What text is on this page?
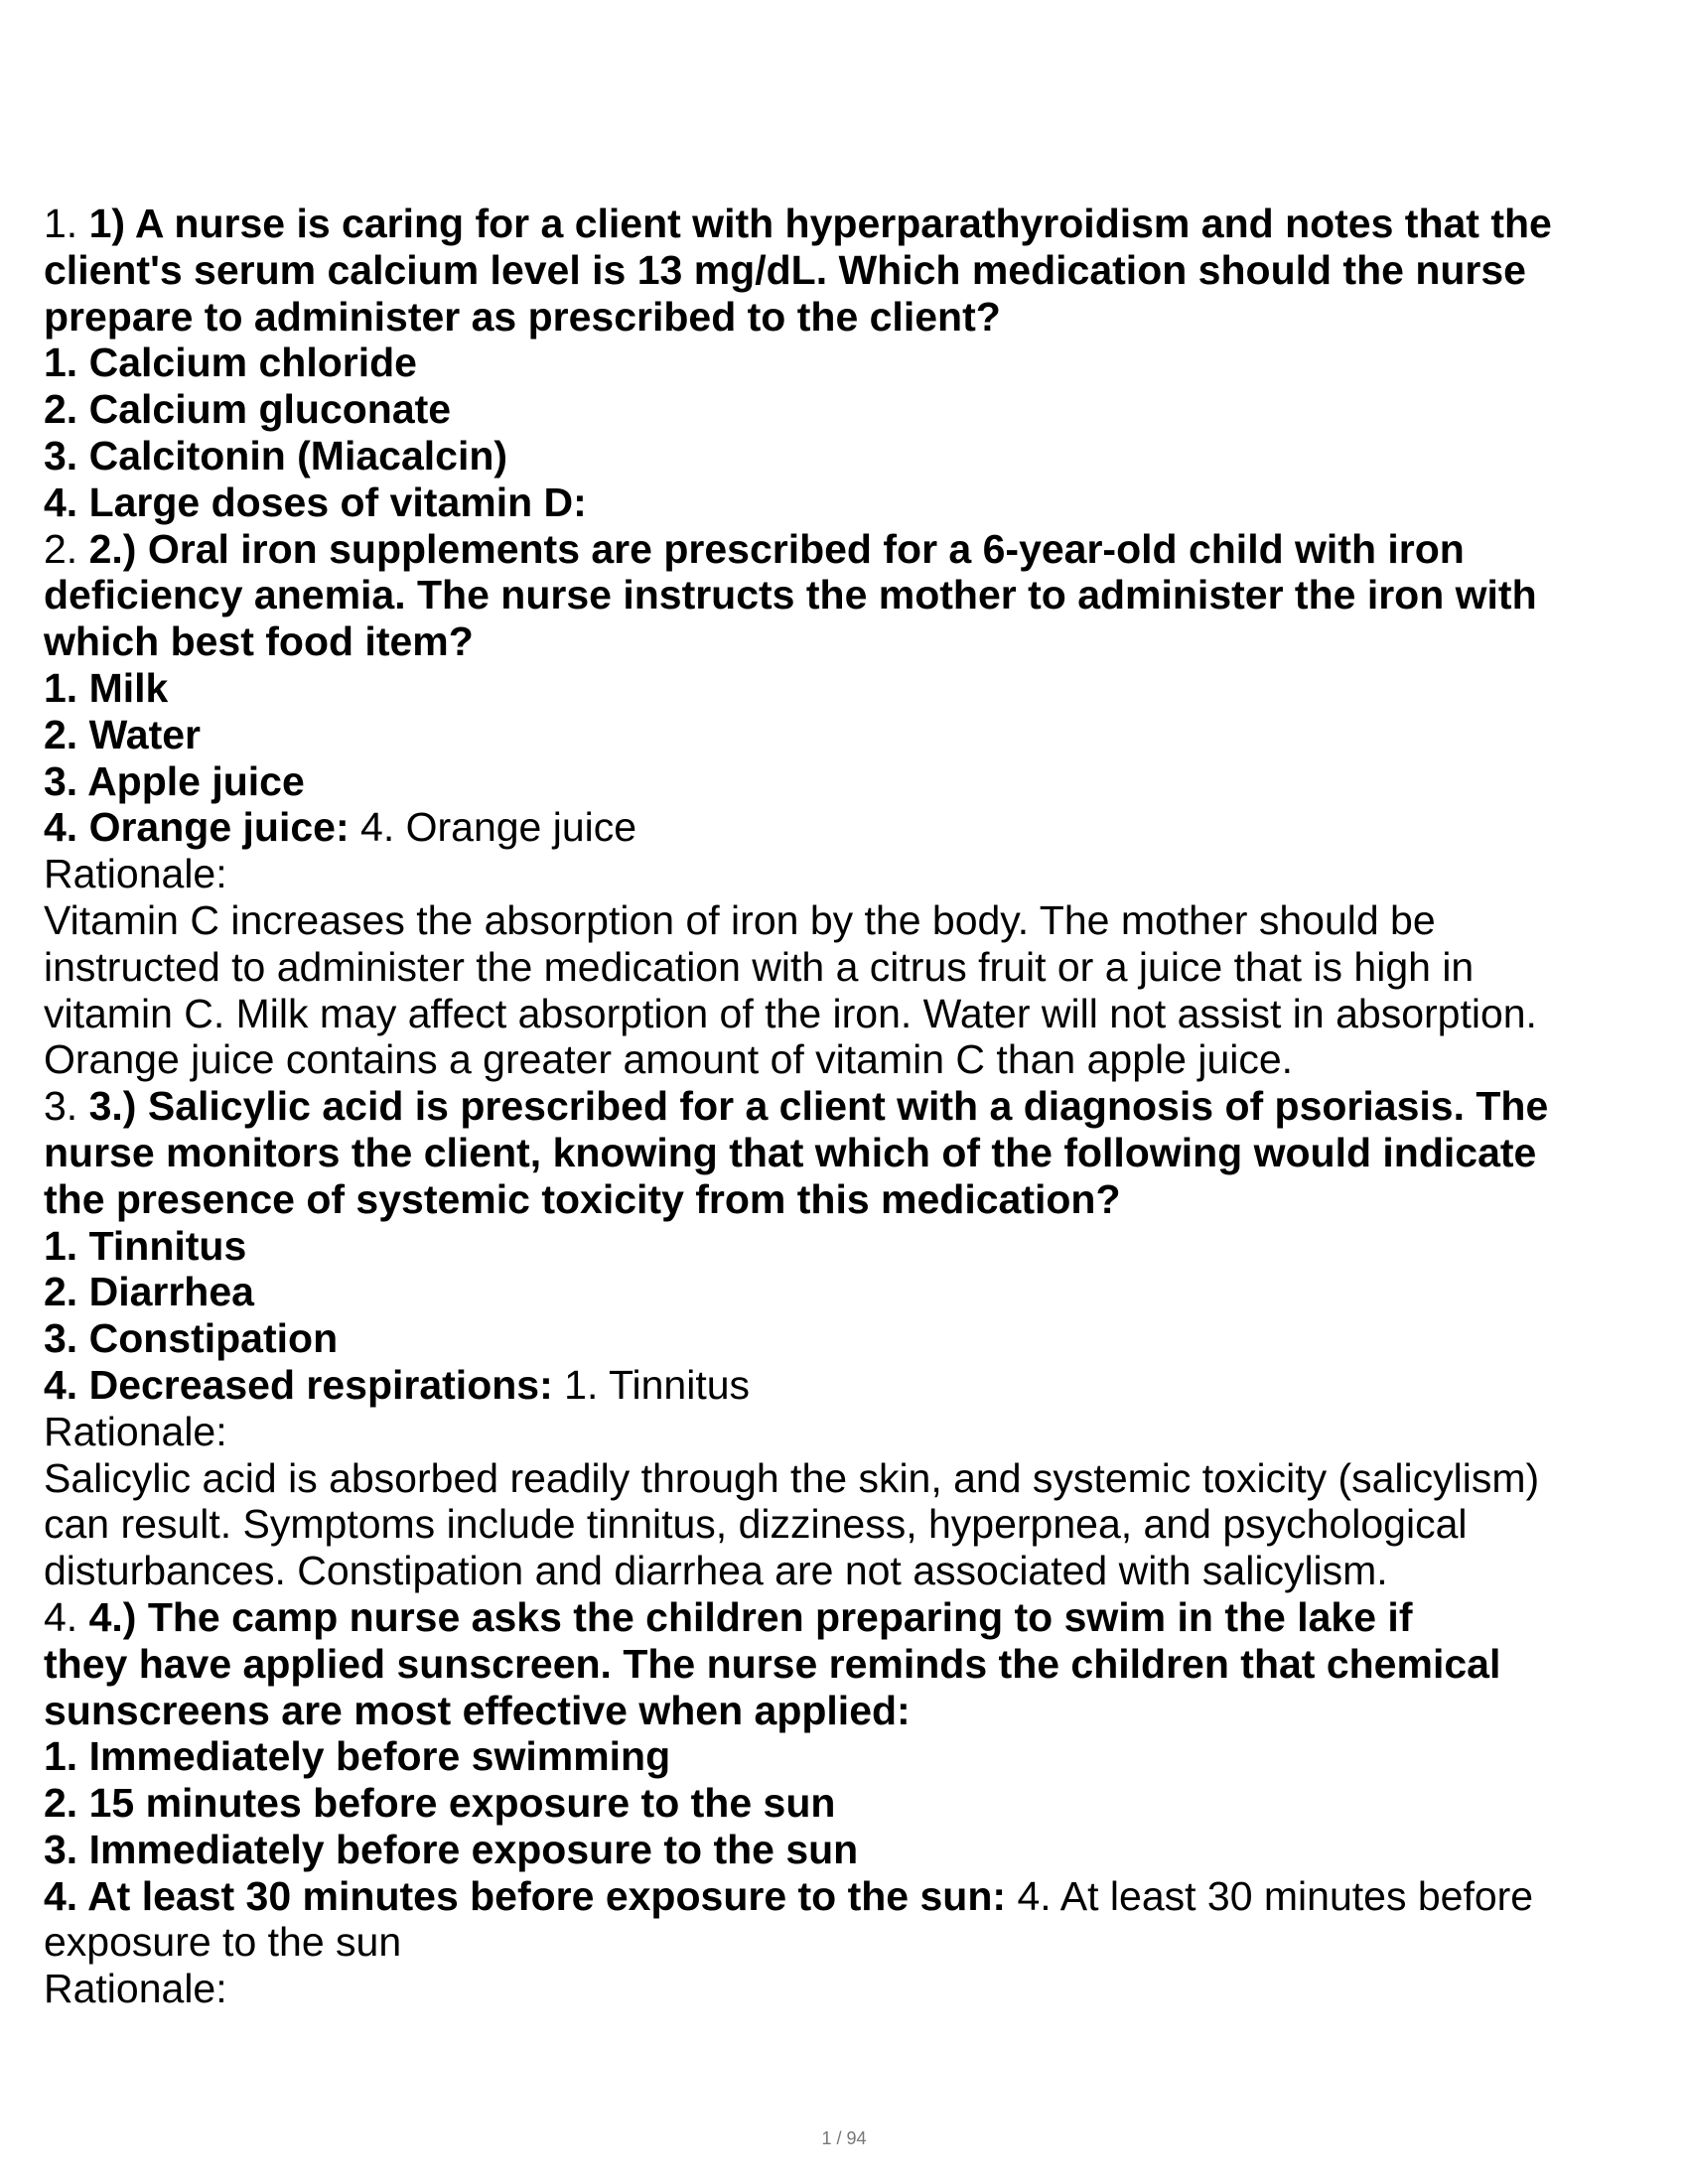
1. 1) A nurse is caring for a client with hyperparathyroidism and notes that the
client's serum calcium level is 13 mg/dL. Which medication should the nurse
prepare to administer as prescribed to the client?
1. Calcium chloride
2. Calcium gluconate
3. Calcitonin (Miacalcin)
4. Large doses of vitamin D:
2. 2.) Oral iron supplements are prescribed for a 6-year-old child with iron
deficiency anemia. The nurse instructs the mother to administer the iron with
which best food item?
1. Milk
2. Water
3. Apple juice
4. Orange juice: 4. Orange juice
Rationale:
Vitamin C increases the absorption of iron by the body. The mother should be
instructed to administer the medication with a citrus fruit or a juice that is high in
vitamin C. Milk may affect absorption of the iron. Water will not assist in absorption.
Orange juice contains a greater amount of vitamin C than apple juice.
3. 3.) Salicylic acid is prescribed for a client with a diagnosis of psoriasis. The
nurse monitors the client, knowing that which of the following would indicate
the presence of systemic toxicity from this medication?
1. Tinnitus
2. Diarrhea
3. Constipation
4. Decreased respirations: 1. Tinnitus
Rationale:
Salicylic acid is absorbed readily through the skin, and systemic toxicity (salicylism)
can result. Symptoms include tinnitus, dizziness, hyperpnea, and psychological
disturbances. Constipation and diarrhea are not associated with salicylism.
4. 4.) The camp nurse asks the children preparing to swim in the lake if
they have applied sunscreen. The nurse reminds the children that chemical
sunscreens are most effective when applied:
1. Immediately before swimming
2. 15 minutes before exposure to the sun
3. Immediately before exposure to the sun
4. At least 30 minutes before exposure to the sun: 4. At least 30 minutes before
exposure to the sun
Rationale:
1 / 94
